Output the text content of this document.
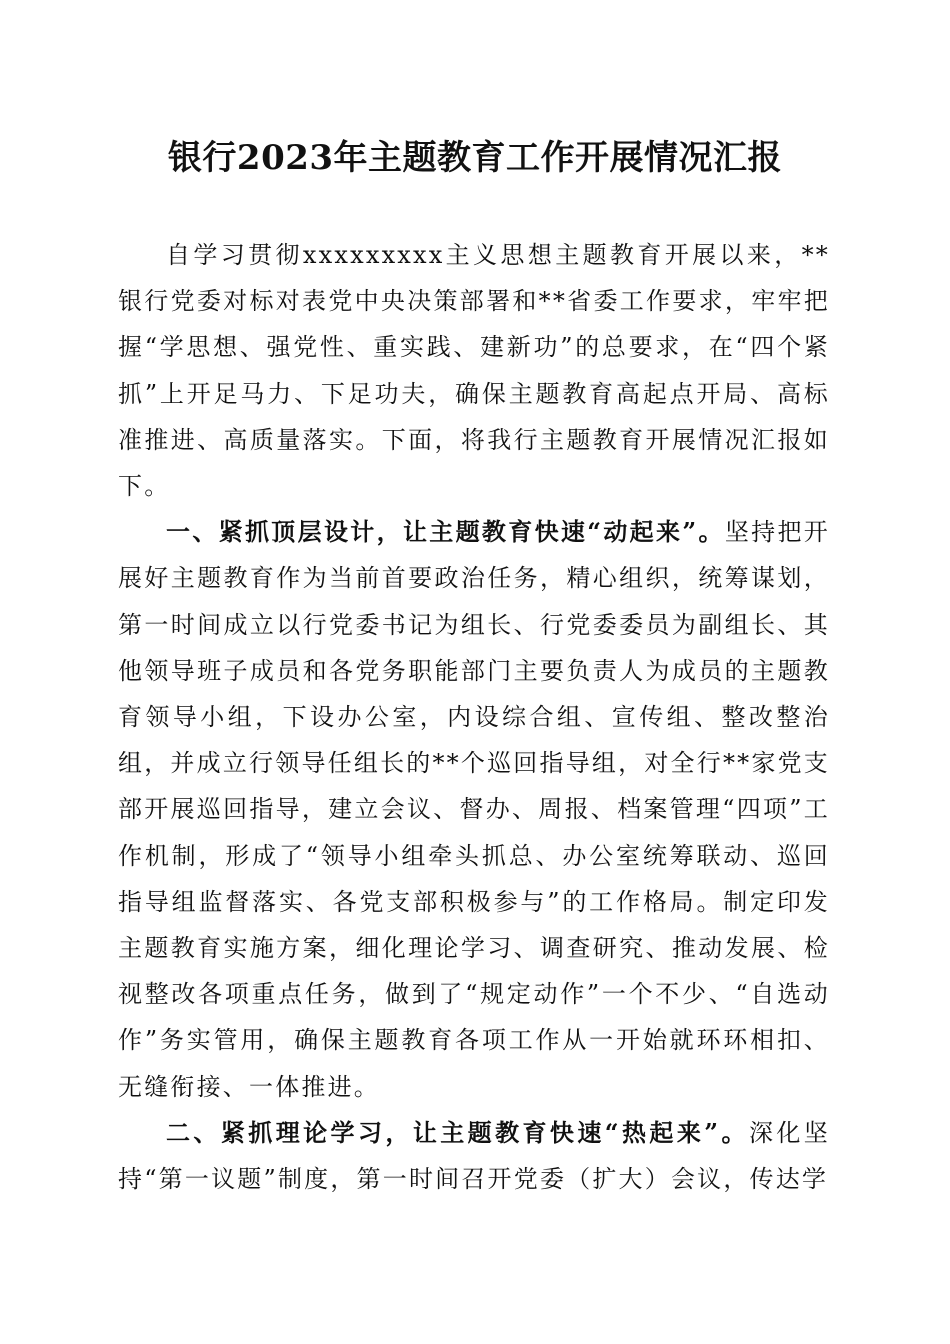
银行2023年主题教育工作开展情况汇报

自学习贯彻xxxxxxxxx主义思想主题教育开展以来，**银行党委对标对表党中央决策部署和**省委工作要求，牢牢把握“学思想、强党性、重实践、建新功”的总要求，在“四个紧抓”上开足马力、下足功夫，确保主题教育高起点开局、高标准推进、高质量落实。下面，将我行主题教育开展情况汇报如下。

一、紧抓顶层设计，让主题教育快速“动起来”。坚持把开展好主题教育作为当前首要政治任务，精心组织，统筹谋划，第一时间成立以行党委书记为组长、行党委委员为副组长、其他领导班子成员和各党务职能部门主要负责人为成员的主题教育领导小组，下设办公室，内设综合组、宣传组、整改整治组，并成立行领导任组长的**个巡回指导组，对全行**家党支部开展巡回指导，建立会议、督办、周报、档案管理“四项”工作机制，形成了“领导小组牵头抓总、办公室统筹联动、巡回指导组监督落实、各党支部积极参与”的工作格局。制定印发主题教育实施方案，细化理论学习、调查研究、推动发展、检视整改各项重点任务，做到了“规定动作”一个不少、“自选动作”务实管用，确保主题教育各项工作从一开始就环环相扣、无缝衔接、一体推进。

二、紧抓理论学习，让主题教育快速“热起来”。深化坚持“第一议题”制度，第一时间召开党委（扩大）会议，传达学
